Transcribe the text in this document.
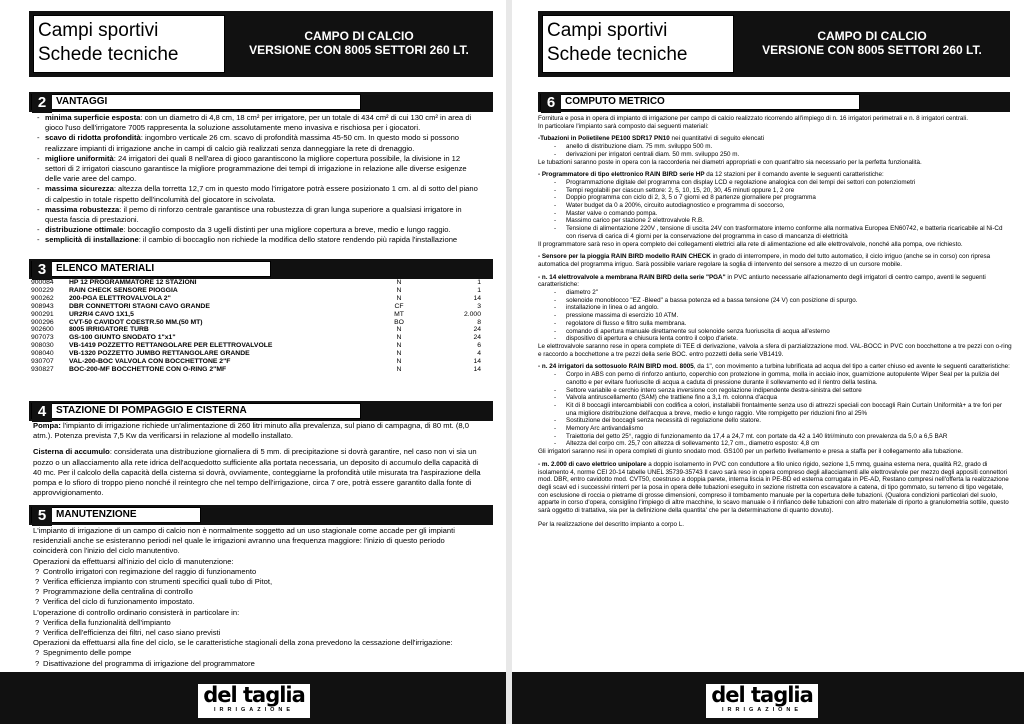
Campi sportivi
Schede tecniche
CAMPO DI CALCIO
VERSIONE CON 8005 SETTORI 260 LT.
2 VANTAGGI
- minima superficie esposta: con un diametro di 4,8 cm, 18 cm² per irrigatore, per un totale di 434 cm² di cui 130 cm² in area di gioco l'uso dell'irrigatore 7005 rappresenta la soluzione assolutamente meno invasiva e rischiosa per i giocatori.
- scavo di ridotta profondità: ingombro verticale 26 cm. scavo di profondità massima 45-50 cm. In questo modo si possono realizzare impianti di irrigazione anche in campi di calcio già realizzati senza danneggiare la rete di drenaggio.
- migliore uniformità: 24 irrigatori dei quali 8 nell'area di gioco garantiscono la migliore copertura possibile, la divisione in 12 settori di 2 irrigatori ciascuno garantisce la migliore programmazione dei tempi di irrigazione in relazione alle diverse esigenze delle varie aree del campo.
- massima sicurezza: altezza della torretta 12,7 cm in questo modo l'irrigatore potrà essere posizionato 1 cm. al di sotto del piano di calpestio in totale rispetto dell'incolumità del giocatore in scivolata.
- massima robustezza: il pemo di rinforzo centrale garantisce una robustezza di gran lunga superiore a qualsiasi irrigatore in questa fascia di prestazioni.
- distribuzione ottimale: boccaglio composto da 3 ugelli distinti per una migliore copertura a breve, medio e lungo raggio.
- semplicità di installazione: il cambio di boccaglio non richiede la modifica dello statore rendendo più rapida l'installazione
3 ELENCO MATERIALI
900084	HP 12 PROGRAMMATORE 12 STAZIONI	N	1
900229	RAIN CHECK SENSORE PIOGGIA	N	1
900262	200-PGA ELETTROVALVOLA 2"	N	14
908943	DBR CONNETTORI STAGNI CAVO GRANDE	CF	3
900291	UR2R/4 CAVO 1X1,5	MT	2.000
900296	CVT-50 CAVIDOT COESTR.50 MM.(50 MT)	BO	8
902600	8005 IRRIGATORE TURB	N	24
907073	GS-100 GIUNTO SNODATO 1"x1"	N	24
908030	VB-1419 POZZETTO RETTANGOLARE PER ELETTROVALVOLE	N	6
908040	VB-1320 POZZETTO JUMBO RETTANGOLARE GRANDE	N	4
930707	VAL-200-BOC VALVOLA CON BOCCHETTONE 2"F	N	14
930827	BOC-200-MF BOCCHETTONE CON O-RING 2"MF	N	14
4 STAZIONE DI POMPAGGIO E CISTERNA

Pompa: l'impianto di irrigazione richiede un'alimentazione di 260 litri minuto alla prevalenza, sul piano di campagna, di 80 mt. (8,0 atm.). Potenza prevista 7,5 Kw da verificarsi in relazione al modello installato.

Cisterna di accumulo: considerata una distribuzione giornaliera di 5 mm. di precipitazione si dovrà garantire, nel caso non vi sia un pozzo o un allacciamento alla rete idrica dell'acquedotto sufficiente alla portata necessaria, un deposito di accumulo della capacità di 40 mc. Per il calcolo della capacità della cisterna si dovrà, ovviamente, conteggiarne la profondità utile misurata tra l'aspirazione della pompa e lo sfioro di troppo pieno nonché il reintegro che nel tempo dell'irrigazione, circa 7 ore, potrà essere garantito dalla fonte di approvvigionamento.

5 MANUTENZIONE

L'impianto di irrigazione di un campo di calcio non è normalmente soggetto ad un uso stagionale come accade per gli impianti residenziali anche se esisteranno periodi nel quale le irrigazioni avranno una frequenza maggiore: l'inizio di questo periodo coinciderà con l'inizio del ciclo manutentivo.

Operazioni da effettuarsi all'inizio del ciclo di manutenzione:

? Controllo irrigatori con regimazione del raggio di funzionamento
? Verifica efficienza impianto con strumenti specifici quali tubo di Pitot,
? Programmazione della centralina di controllo
? Verifica del ciclo di funzionamento impostato.

L'operazione di controllo ordinario consisterà in particolare in:

? Verifica della funzionalità dell'impianto
? Verifica dell'efficienza dei filtri, nel caso siano previsti

Operazioni da effettuarsi alla fine del ciclo, se le caratteristiche stagionali della zona prevedono la cessazione dell'irrigazione:

? Spegnimento delle pompe
? Disattivazione del programma di irrigazione del programmatore
del taglia
IRRIGAZIONE
Campi sportivi
Schede tecniche
CAMPO DI CALCIO
VERSIONE CON 8005 SETTORI 260 LT.
6 COMPUTO METRICO

Fornitura e posa in opera di impianto di irrigazione per campo di calcio realizzato ricorrendo all'impiego di n. 16 irrigatori perimetrali e n. 8 irrigatori centrali.

In particolare l'impianto sarà composto dai seguenti materiali:

-Tubazioni in Polietilene PE100 SDR17 PN10 nei quantitativi di seguito elencati

- anello di distribuzione diam. 75 mm. sviluppo 500 m.
- derivazioni per irrigatori centrali diam. 50 mm. sviluppo 250 m.

Le tubazioni saranno poste in opera con la raccorderia nei diametri appropriati e con quant'altro sia necessario per la perfetta funzionalità.

- Programmatore di tipo elettronico RAIN BIRD serie HP da 12 stazioni per il comando avente le seguenti caratteristiche:

- Programmazione digitale del programma con display LCD e regolazione analogica con dei tempi dei settori con potenziometri
- Tempi regolabili per ciascun settore: 2, 5, 10, 15, 20, 30, 45 minuti oppure 1, 2 ore
- Doppio programma con ciclo di 2, 3, 5 o 7 giorni ed 8 partenze giornaliere per programma
- Water budget da 0 a 200%, circuito autodiagnostico e programma di soccorso,
- Master valve o comando pompa.
- Massimo carico per stazione 2 elettrovalvole R.B.
- Tensione di alimentazione 220V , tensione di uscita 24V con trasformatore interno conforme alla normativa Europea EN60742, e batteria ricaricabile al Ni-Cd con riserva di carica di 4 giorni per la conservazione del programma in caso di mancanza di elettricità

Il programmatore sarà reso in opera completo dei collegamenti elettrici alla rete di alimentazione ed alle elettrovalvole, nonché alla pompa, ove richiesto.

- Sensore per la pioggia RAIN BIRD modello RAIN CHECK in grado di interrompere, in modo del tutto automatico, il ciclo irriguo (anche se in corso) con ripresa automatica del programma irriguo. Sarà possibile variare regolare la soglia di intervento del sensore a mezzo di un cursore mobile.

- n. 14 elettrovalvole a membrana RAIN BIRD della serie "PGA" in PVC antiurto necessarie all'azionamento degli irrigatori di centro campo, aventi le seguenti caratteristiche:

- diametro 2"
- solenoide monoblocco "EZ -Bleed" a bassa potenza ed a bassa tensione (24 V) con posizione di spurgo.
- installazione in linea o ad angolo.
- pressione massima di esercizio 10 ATM.
- regolatore di flusso e filtro sulla membrana.
- comando di apertura manuale direttamente sul solenoide senza fuoriuscita di acqua all'esterno
- dispositivo di apertura e chiusura lenta contro il colpo d'ariete.

Le elettrovalvole saranno rese in opera complete di TEE di derivazione, valvola a sfera di parzializzazione mod. VAL-BOCC in PVC con bocchettone a tre pezzi con o-ring e raccordo a bocchettone a tre pezzi della serie BOC. entro pozzetti della serie VB1419.

- n. 24 irrigatori da sottosuolo RAIN BIRD mod. 8005, da 1", con movimento a turbina lubrificata ad acqua del tipo a carter chiuso ed avente le seguenti caratteristiche:

- Corpo in ABS con perno di rinforzo antiurto, coperchio con protezione in gomma, molla in acciaio inox, guarnizione autopulente Wiper Seal per la pulizia del canotto e per evitare fuoriuscite di acqua a caduta di pressione durante il sollevamento ed il rientro della testina.
- Settore variabile e cerchio intero senza inversione con regolazione indipendente destra-sinistra del settore
- Valvola antiruscellamento (SAM) che trattiene fino a 3,1 m. colonna d'acqua
- Kit di 8 boccagli intercambiabili con codifica a colori, installabili frontalmente senza uso di attrezzi speciali con boccagli Rain Curtain Uniformità+ a tre fori per una migliore distribuzione dell'acqua a breve, medio e lungo raggio. Vite rompigetto per riduzioni fino al 25%
- Sostituzione dei boccagli senza necessità di regolazione dello statore.
- Memory Arc antivandalismo
- Traiettoria del getto 25°, raggio di funzionamento da 17,4 a 24,7 mt. con portate da 42 a 140 litri/minuto con prevalenza da 5,0 a 6,5 BAR
- Altezza del corpo cm. 25,7 con altezza di sollevamento 12,7 cm., diametro esposto: 4,8 cm

Gli irrigatori saranno resi in opera completi di giunto snodato mod. GS100 per un perfetto livellamento e presa a staffa per il collegamento alla tubazione.

- m. 2.000 di cavo elettrico unipolare a doppio isolamento in PVC con conduttore a filo unico rigido, sezione 1,5 mmq, guaina esterna nera, qualità R2, grado di isolamento 4, norme CEI 20-14 tabelle UNEL 35739-35743 Il cavo sarà reso in opera compreso degli allacciamenti alle elettrovalvole per mezzo degli appositi connettori mod. DBR, entro cavidotto mod. CVT50, coestruso a doppia parete, interna liscia in PE-BD ed esterna corrugata in PE-AD, Restano compresi nell'offerta la realizzazione degli scavi ed i successivi rinterri per la posa in opera delle tubazioni eseguito in sezione ristretta con escavatore a catena, di tipo gommato, su terreno di tipo vegetale, con esclusione di roccia o pietrame di grosse dimensioni, compreso il tombamento manuale per la copertura delle tubazioni. (Qualora condizioni particolari del suolo, apparte in corso d'opera, consiglino l'impiego di altre macchine, lo scavo manuale o il rinfianco delle tubazioni con altro materiale di riporto a granulometria sottile, questo sarà oggetto di trattativa, sia per la definizione della quantita' che per la determinazione di quanto dovuto).

Per la realizzazione del descritto impianto a corpo L.

del taglia
IRRIGAZIONE
